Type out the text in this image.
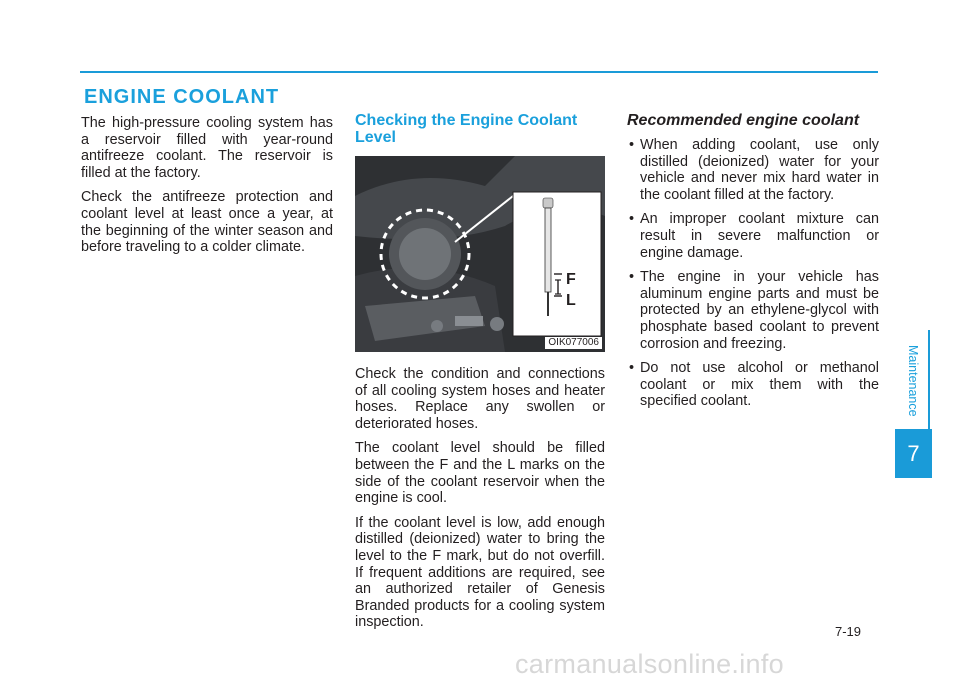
ENGINE COOLANT

The high-pressure cooling system has a reservoir filled with year-round antifreeze coolant. The reservoir is filled at the factory.

Check the antifreeze protection and coolant level at least once a year, at the beginning of the winter season and before traveling to a colder climate.

Checking the Engine Coolant Level
F
L
OIK077006

Check the condition and connections of all cooling system hoses and heater hoses. Replace any swollen or deteriorated hoses.

The coolant level should be filled between the F and the L marks on the side of the coolant reservoir when the engine is cool.

If the coolant level is low, add enough distilled (deionized) water to bring the level to the F mark, but do not overfill. If frequent additions are required, see an authorized retailer of Genesis Branded products for a cooling system inspection.

Recommended engine coolant
• When adding coolant, use only distilled (deionized) water for your vehicle and never mix hard water in the coolant filled at the factory.
• An improper coolant mixture can result in severe malfunction or engine damage.
• The engine in your vehicle has aluminum engine parts and must be protected by an ethylene-glycol with phosphate based coolant to prevent corrosion and freezing.
• Do not use alcohol or methanol coolant or mix them with the specified coolant.	Maintenance
7
7-19
carmanualsonline.info
